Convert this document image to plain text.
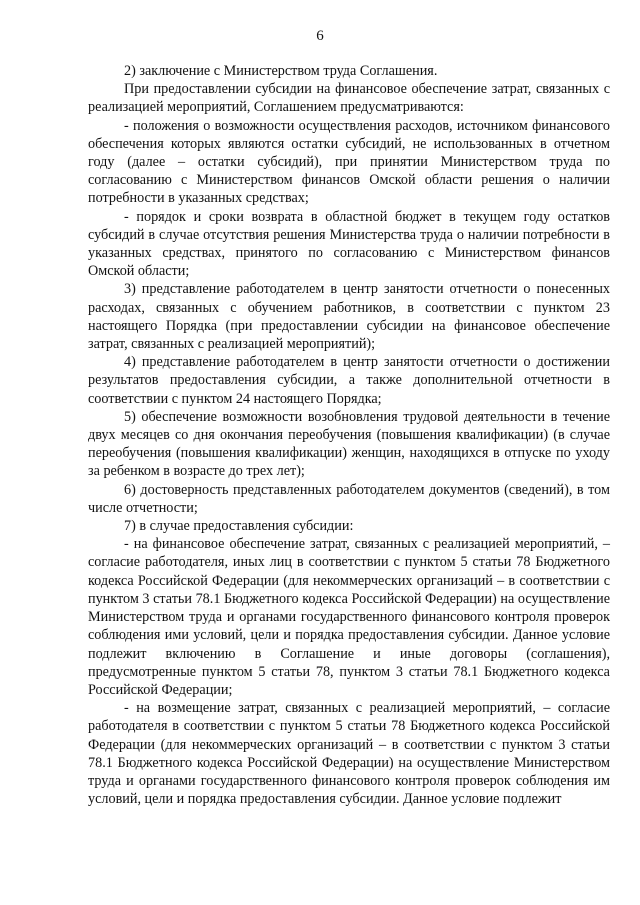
6

2) заключение с Министерством труда Соглашения.

При предоставлении субсидии на финансовое обеспечение затрат, связанных с реализацией мероприятий, Соглашением предусматриваются:

- положения о возможности осуществления расходов, источником финансового обеспечения которых являются остатки субсидий, не использованных в отчетном году (далее – остатки субсидий), при принятии Министерством труда по согласованию с Министерством финансов Омской области решения о наличии потребности в указанных средствах;

- порядок и сроки возврата в областной бюджет в текущем году остатков субсидий в случае отсутствия решения Министерства труда о наличии потребности в указанных средствах, принятого по согласованию с Министерством финансов Омской области;

3) представление работодателем в центр занятости отчетности о понесенных расходах, связанных с обучением работников, в соответствии с пунктом 23 настоящего Порядка (при предоставлении субсидии на финансовое обеспечение затрат, связанных с реализацией мероприятий);

4) представление работодателем в центр занятости отчетности о достижении результатов предоставления субсидии, а также дополнительной отчетности в соответствии с пунктом 24 настоящего Порядка;

5) обеспечение возможности возобновления трудовой деятельности в течение двух месяцев со дня окончания переобучения (повышения квалификации) (в случае переобучения (повышения квалификации) женщин, находящихся в отпуске по уходу за ребенком в возрасте до трех лет);

6) достоверность представленных работодателем документов (сведений), в том числе отчетности;

7) в случае предоставления субсидии:

- на финансовое обеспечение затрат, связанных с реализацией мероприятий, – согласие работодателя, иных лиц в соответствии с пунктом 5 статьи 78 Бюджетного кодекса Российской Федерации (для некоммерческих организаций – в соответствии с пунктом 3 статьи 78.1 Бюджетного кодекса Российской Федерации) на осуществление Министерством труда и органами государственного финансового контроля проверок соблюдения ими условий, цели и порядка предоставления субсидии. Данное условие подлежит включению в Соглашение и иные договоры (соглашения), предусмотренные пунктом 5 статьи 78, пунктом 3 статьи 78.1 Бюджетного кодекса Российской Федерации;

- на возмещение затрат, связанных с реализацией мероприятий, – согласие работодателя в соответствии с пунктом 5 статьи 78 Бюджетного кодекса Российской Федерации (для некоммерческих организаций – в соответствии с пунктом 3 статьи 78.1 Бюджетного кодекса Российской Федерации) на осуществление Министерством труда и органами государственного финансового контроля проверок соблюдения им условий, цели и порядка предоставления субсидии. Данное условие подлежит
